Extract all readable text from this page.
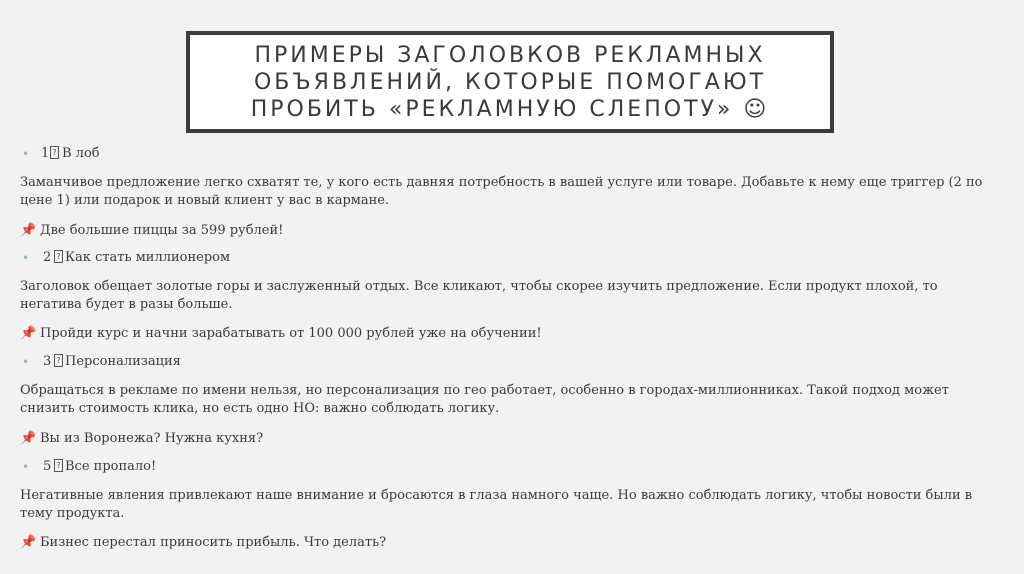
ПРИМЕРЫ ЗАГОЛОВКОВ РЕКЛАМНЫХ
ОБЪЯВЛЕНИЙ, КОТОРЫЕ ПОМОГАЮТ
ПРОБИТЬ «РЕКЛАМНУЮ СЛЕПОТУ» ☺
• 1 ? В лоб
Заманчивое предложение легко схватят те, у кого есть давняя потребность в вашей услуге или товаре. Добавьте к нему еще триггер (2 по
цене 1) или подарок и новый клиент у вас в кармане.
📌 Две большие пиццы за 599 рублей!
• 2 ? Как стать миллионером
Заголовок обещает золотые горы и заслуженный отдых. Все кликают, чтобы скорее изучить предложение. Если продукт плохой, то
негатива будет в разы больше.
📌 Пройди курс и начни зарабатывать от 100 000 рублей уже на обучении!
• 3 ? Персонализация
Обращаться в рекламе по имени нельзя, но персонализация по гео работает, особенно в городах-миллионниках. Такой подход может
снизить стоимость клика, но есть одно НО: важно соблюдать логику.
📌 Вы из Воронежа? Нужна кухня?
• 5 ? Все пропало!
Негативные явления привлекают наше внимание и бросаются в глаза намного чаще. Но важно соблюдать логику, чтобы новости были в
тему продукта.
📌 Бизнес перестал приносить прибыль. Что делать?
